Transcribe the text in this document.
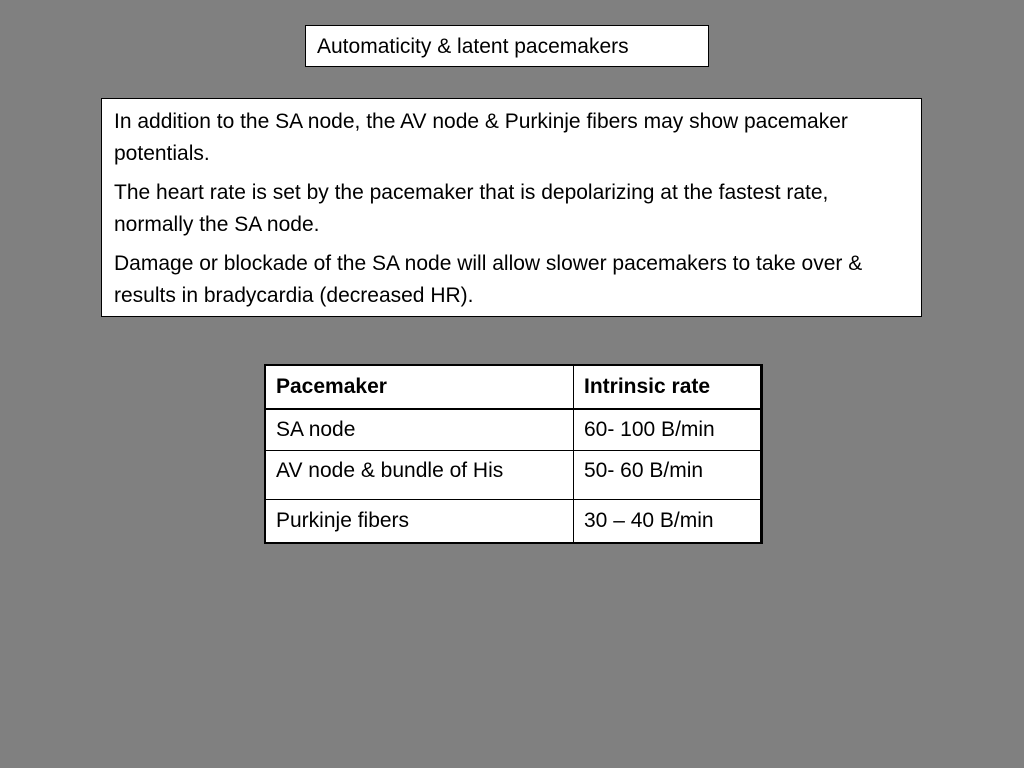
Automaticity & latent pacemakers

In addition to the SA node, the AV node & Purkinje fibers may show pacemaker potentials.

The heart rate is set by the pacemaker that is depolarizing at the fastest rate, normally the SA node.

Damage or blockade of the SA node will allow slower pacemakers to take over & results in bradycardia (decreased HR).

Pacemaker	Intrinsic rate
SA node	60- 100 B/min
AV node & bundle of His	50- 60 B/min
Purkinje fibers	30 – 40 B/min
